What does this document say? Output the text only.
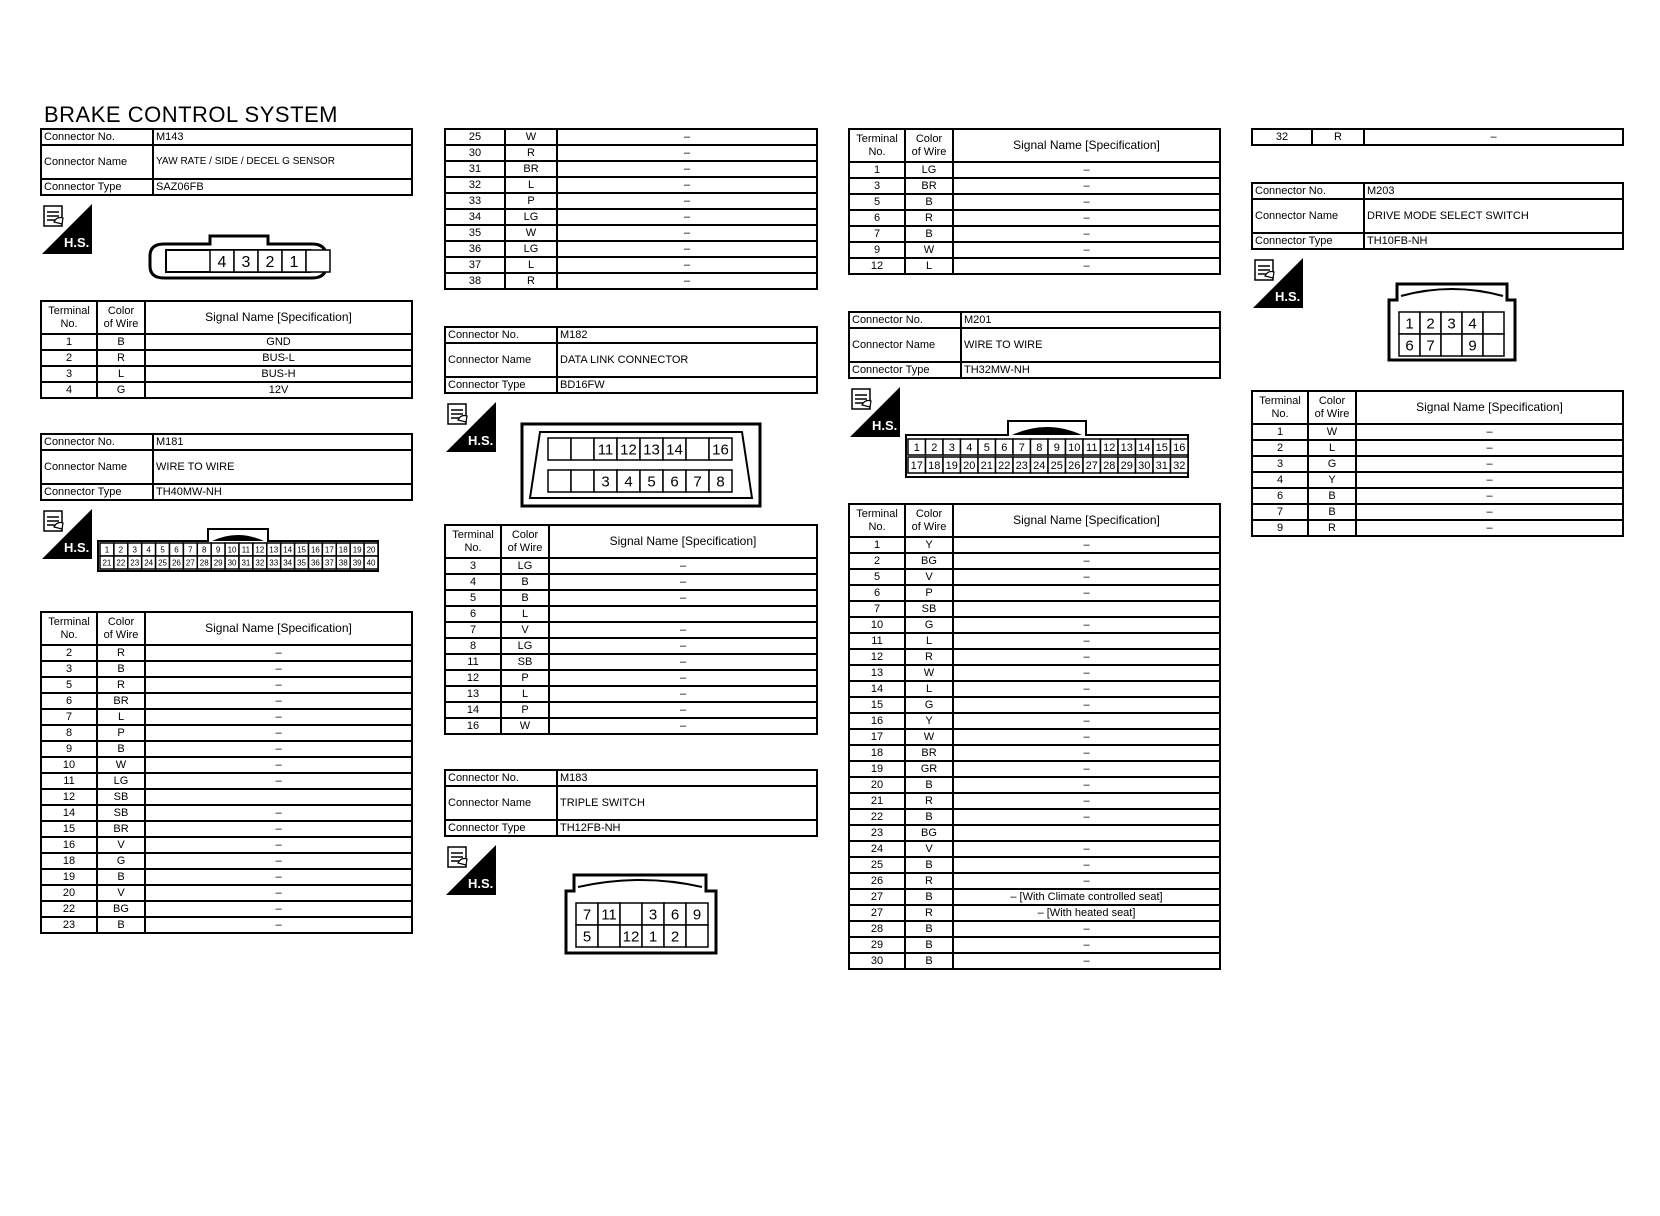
BRAKE CONTROL SYSTEM
Connector No.	M143
Connector Name	YAW RATE / SIDE / DECEL G SENSOR
Connector Type	SAZ06FB
H.S.
4 3 2 1
Terminal
No.	Color
of Wire	Signal Name [Specification]
1	B	GND
2	R	BUS-L
3	L	BUS-H
4	G	12V
Connector No.	M181
Connector Name	WIRE TO WIRE
Connector Type	TH40MW-NH
H.S. 1 2 3 4 5 6 7 8 9 10 11 12 13 14 15 16 17 18 19 20
21 22 23 24 25 26 27 28 29 30 31 32 33 34 35 36 37 38 39 40
Terminal
No.	Color
of Wire	Signal Name [Specification]
2	R	–
3	B	–
5	R	–
6	BR	–
7	L	–
8	P	–
9	B	–
10	W	–
11	LG	–
12	SB	
14	SB	–
15	BR	–
16	V	–
18	G	–
19	B	–
20	V	–
22	BG	–
23	B	–
25	W	–
30	R	–
31	BR	–
32	L	–
33	P	–
34	LG	–
35	W	–
36	LG	–
37	L	–
38	R	–
Connector No.	M182
Connector Name	DATA LINK CONNECTOR
Connector Type	BD16FW
H.S.
11 12 13 14 16
3 4 5 6 7 8
Terminal
No.	Color
of Wire	Signal Name [Specification]
3	LG	–
4	B	–
5	B	–
6	L	
7	V	–
8	LG	–
11	SB	–
12	P	–
13	L	–
14	P	–
16	W	–
Connector No.	M183
Connector Name	TRIPLE SWITCH
Connector Type	TH12FB-NH
H.S.
7 11 3 6 9
5 12 1 2
Terminal
No.	Color
of Wire	Signal Name [Specification]
1	LG	–
3	BR	–
5	B	–
6	R	–
7	B	–
9	W	–
12	L	–
Connector No.	M201
Connector Name	WIRE TO WIRE
Connector Type	TH32MW-NH
H.S.
1 2 3 4 5 6 7 8 9 10 11 12 13 14 15 16
17 18 19 20 21 22 23 24 25 26 27 28 29 30 31 32
Terminal
No.	Color
of Wire	Signal Name [Specification]
1	Y	–
2	BG	–
5	V	–
6	P	–
7	SB	
10	G	–
11	L	–
12	R	–
13	W	–
14	L	–
15	G	–
16	Y	–
17	W	–
18	BR	–
19	GR	–
20	B	–
21	R	–
22	B	–
23	BG	
24	V	–
25	B	–
26	R	–
27	B	– [With Climate controlled seat]
27	R	– [With heated seat]
28	B	–
29	B	–
30	B	–
32	R	–
Connector No.	M203
Connector Name	DRIVE MODE SELECT SWITCH
Connector Type	TH10FB-NH
H.S.
1 2 3 4
6 7 9
Terminal
No.	Color
of Wire	Signal Name [Specification]
1	W	–
2	L	–
3	G	–
4	Y	–
6	B	–
7	B	–
9	R	–
